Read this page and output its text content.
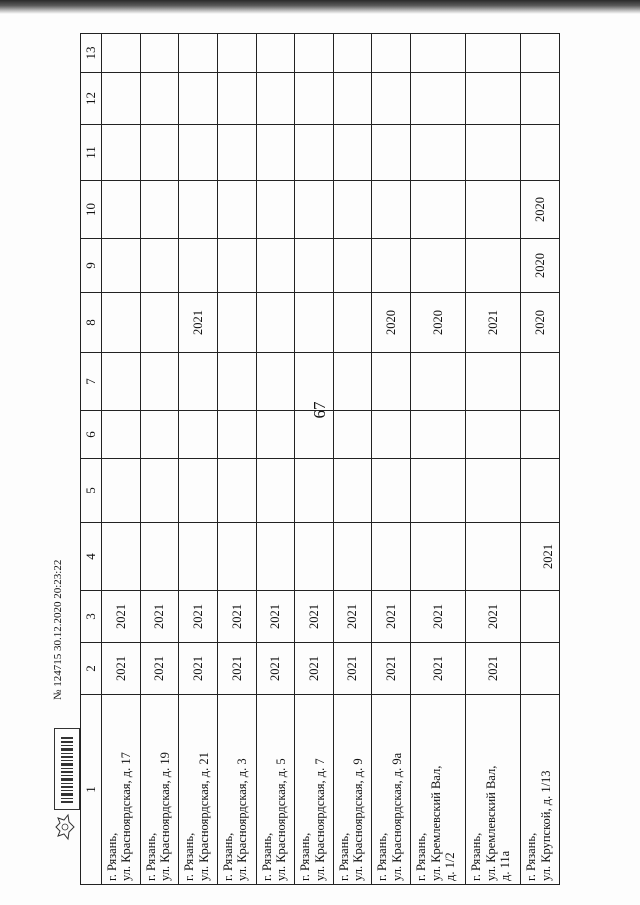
67
1	2	3	4	5	6	7	8	9	10	11	12	13

г. Рязань, ул. Красноярдская, д. 17	2021	2021										

г. Рязань, ул. Красноярдская, д. 19	2021	2021										

г. Рязань, ул. Красноярдская, д. 21	2021	2021					2021					

г. Рязань, ул. Красноярдская, д. 3	2021	2021										

г. Рязань, ул. Красноярдская, д. 5	2021	2021										

г. Рязань, ул. Красноярдская, д. 7	2021	2021										

г. Рязань, ул. Красноярдская, д. 9	2021	2021										

г. Рязань, ул. Красноярдская, д. 9а	2021	2021					2020					

г. Рязань, ул. Кремлевский Вал, д. 1/2	2021	2021					2020					

г. Рязань, ул. Кремлевский Вал, д. 11а	2021	2021					2021					

г. Рязань, ул. Крупской, д. 1/13			2021				2020	2020	2020			
№ 124715 30.12.2020 20:23:22
